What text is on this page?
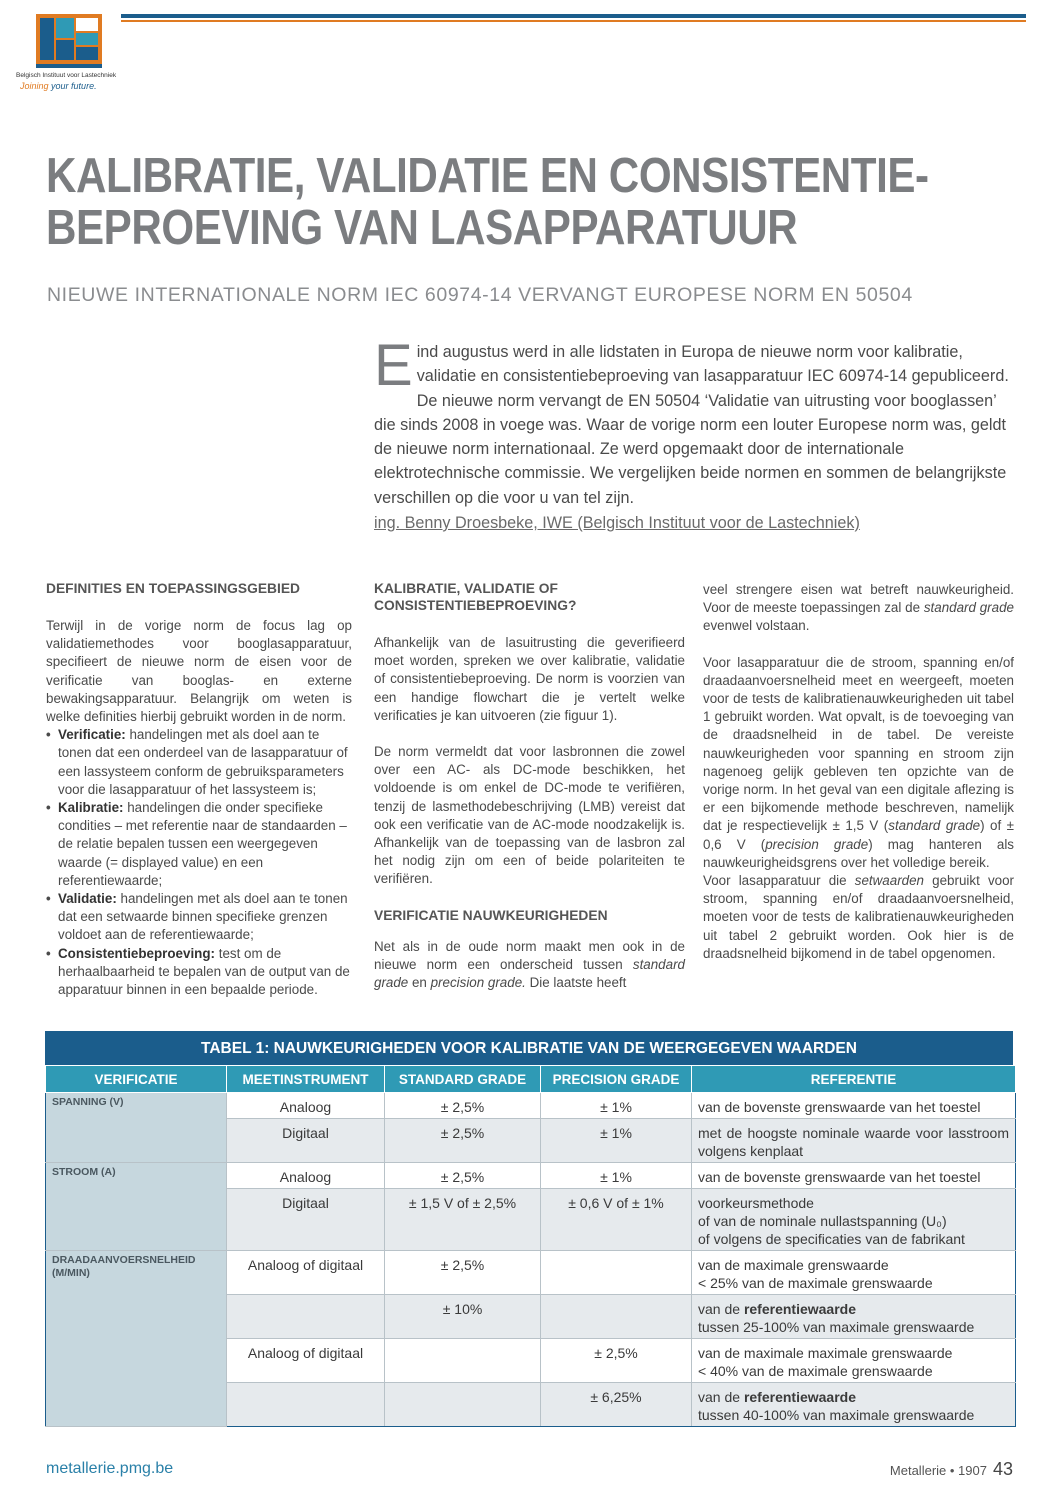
Belgisch Instituut voor Lastechniek
Joining your future.
KALIBRATIE, VALIDATIE EN CONSISTENTIE-
BEPROEVING VAN LASAPPARATUUR

NIEUWE INTERNATIONALE NORM IEC 60974-14 VERVANGT EUROPESE NORM EN 50504

Eind augustus werd in alle lidstaten in Europa de nieuwe norm voor kalibratie, validatie en consistentiebeproeving van lasapparatuur IEC 60974-14 gepubliceerd. De nieuwe norm vervangt de EN 50504 ‘Validatie van uitrusting voor booglassen’ die sinds 2008 in voege was. Waar de vorige norm een louter Europese norm was, geldt de nieuwe norm internationaal. Ze werd opgemaakt door de internationale elektrotechnische commissie. We vergelijken beide normen en sommen de belangrijkste verschillen op die voor u van tel zijn.
ing. Benny Droesbeke, IWE (Belgisch Instituut voor de Lastechniek)
DEFINITIES EN TOEPASSINGSGEBIED

Terwijl in de vorige norm de focus lag op validatiemethodes voor booglasapparatuur, specifieert de nieuwe norm de eisen voor de verificatie van booglas- en externe bewakingsapparatuur. Belangrijk om weten is welke definities hierbij gebruikt worden in de norm.

• Verificatie: handelingen met als doel aan te tonen dat een onderdeel van de lasapparatuur of een lassysteem conform de gebruiksparameters voor die lasapparatuur of het lassysteem is;
• Kalibratie: handelingen die onder specifieke condities – met referentie naar de standaarden – de relatie bepalen tussen een weergegeven waarde (= displayed value) en een referentiewaarde;
• Validatie: handelingen met als doel aan te tonen dat een setwaarde binnen specifieke grenzen voldoet aan de referentiewaarde;
• Consistentiebeproeving: test om de herhaalbaarheid te bepalen van de output van de apparatuur binnen in een bepaalde periode.
KALIBRATIE, VALIDATIE OF CONSISTENTIEBEPROEVING?

Afhankelijk van de lasuitrusting die geverifieerd moet worden, spreken we over kalibratie, validatie of consistentiebeproeving. De norm is voorzien van een handige flowchart die je vertelt welke verificaties je kan uitvoeren (zie figuur 1).

De norm vermeldt dat voor lasbronnen die zowel over een AC- als DC-mode beschikken, het voldoende is om enkel de DC-mode te verifiëren, tenzij de lasmethodebeschrijving (LMB) vereist dat ook een verificatie van de AC-mode noodzakelijk is. Afhankelijk van de toepassing van de lasbron zal het nodig zijn om een of beide polariteiten te verifiëren.

VERIFICATIE NAUWKEURIGHEDEN

Net als in de oude norm maakt men ook in de nieuwe norm een onderscheid tussen standard grade en precision grade. Die laatste heeft

veel strengere eisen wat betreft nauwkeurigheid. Voor de meeste toepassingen zal de standard grade evenwel volstaan.

Voor lasapparatuur die de stroom, spanning en/of draadaanvoersnelheid meet en weergeeft, moeten voor de tests de kalibratienauwkeurigheden uit tabel 1 gebruikt worden. Wat opvalt, is de toevoeging van de draadsnelheid in de tabel. De vereiste nauwkeurigheden voor spanning en stroom zijn nagenoeg gelijk gebleven ten opzichte van de vorige norm. In het geval van een digitale aflezing is er een bijkomende methode beschreven, namelijk dat je respectievelijk ± 1,5 V (standard grade) of ± 0,6 V (precision grade) mag hanteren als nauwkeurigheidsgrens over het volledige bereik.

Voor lasapparatuur die setwaarden gebruikt voor stroom, spanning en/of draadaanvoersnelheid, moeten voor de tests de kalibratienauwkeurigheden uit tabel 2 gebruikt worden. Ook hier is de draadsnelheid bijkomend in de tabel opgenomen.

TABEL 1: NAUWKEURIGHEDEN VOOR KALIBRATIE VAN DE WEERGEGEVEN WAARDEN
VERIFICATIE	MEETINSTRUMENT	STANDARD GRADE	PRECISION GRADE	REFERENTIE
SPANNING (V)	Analoog	± 2,5%	± 1%	van de bovenste grenswaarde van het toestel
	Digitaal	± 2,5%	± 1%	met de hoogste nominale waarde voor lasstroom volgens kenplaat
STROOM (A)	Analoog	± 2,5%	± 1%	van de bovenste grenswaarde van het toestel
	Digitaal	± 1,5 V of ± 2,5%	± 0,6 V of ± 1%	voorkeursmethode
of van de nominale nullastspanning (U₀)
of volgens de specificaties van de fabrikant
DRAADAANVOERSNELHEID (M/MIN)	Analoog of digitaal	± 2,5%		van de maximale grenswaarde
< 25% van de maximale grenswaarde
		± 10%		van de referentiewaarde
tussen 25-100% van maximale grenswaarde
	Analoog of digitaal		± 2,5%	van de maximale maximale grenswaarde
< 40% van de maximale grenswaarde
			± 6,25%	van de referentiewaarde
tussen 40-100% van maximale grenswaarde
metallerie.pmg.be	Metallerie • 1907 43
